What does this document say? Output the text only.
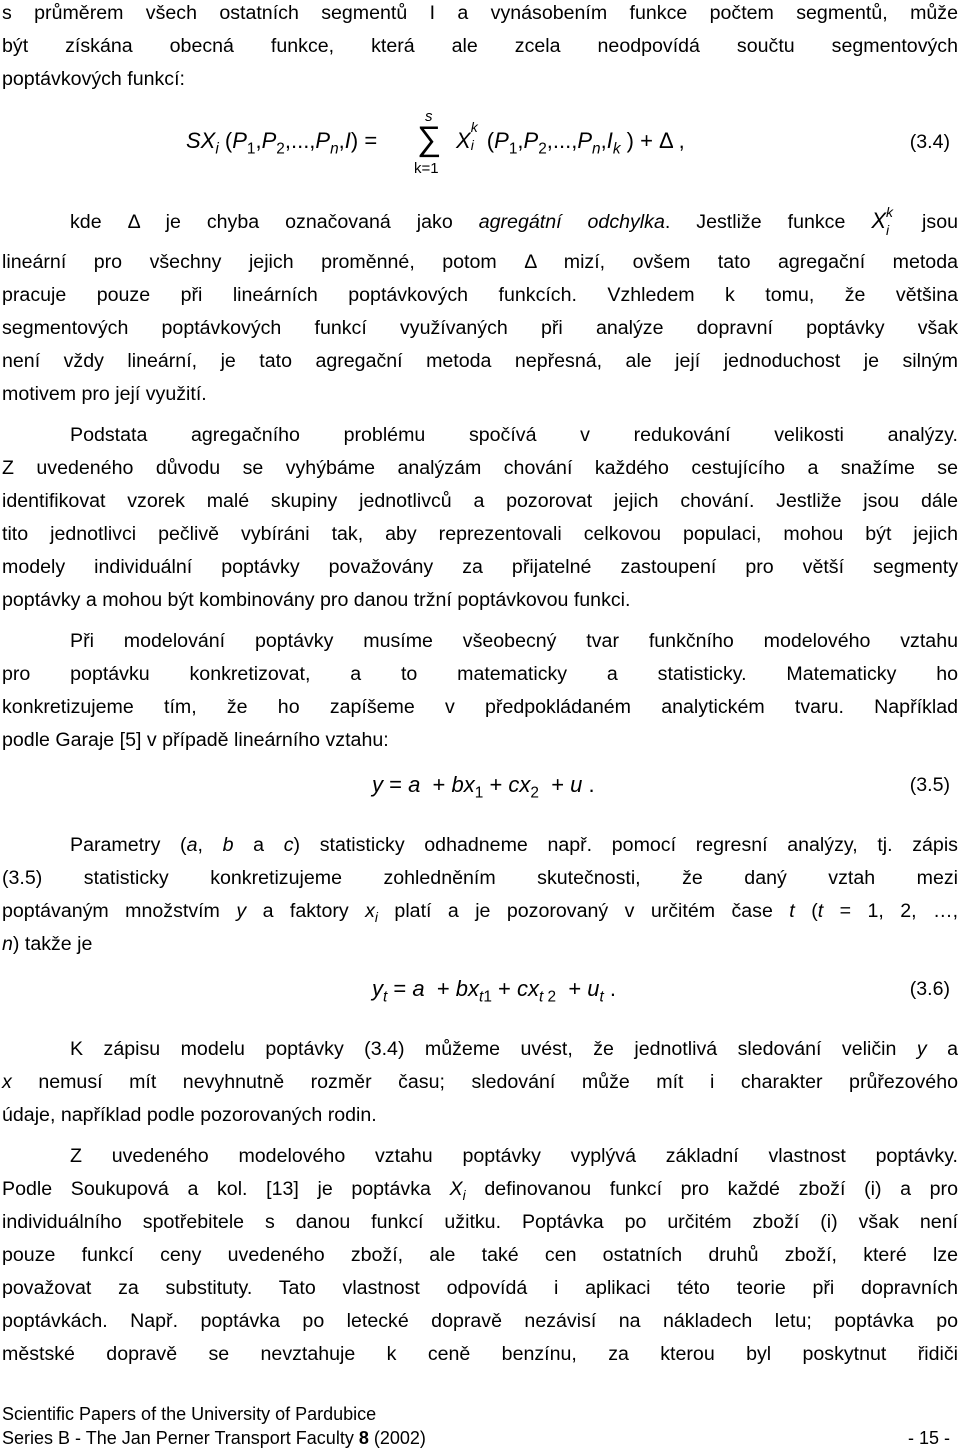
s průměrem všech ostatních segmentů I a vynásobením funkce počtem segmentů, může
být získána obecná funkce, která ale zcela neodpovídá součtu segmentových
poptávkových funkcí:
s
∑
k=1
$SX_i$ $(P_1,P_2,...,P_n,I)$ =	X
k
i ($P_1,P_2,...,P_n,I_k$ ) + Δ ,	(3.4)
kde Δ je chyba označovaná jako agregátní odchylka. Jestliže funkce X k
i jsou
lineární pro všechny jejich proměnné, potom Δ mizí, ovšem tato agregační metoda
pracuje pouze při lineárních poptávkových funkcích. Vzhledem k tomu, že většina
segmentových poptávkových funkcí využívaných při analýze dopravní poptávky však
není vždy lineární, je tato agregační metoda nepřesná, ale její jednoduchost je silným
motivem pro její využití.
Podstata agregačního problému spočívá v redukování velikosti analýzy.
Z uvedeného důvodu se vyhýbáme analýzám chování každého cestujícího a snažíme se
identifikovat vzorek malé skupiny jednotlivců a pozorovat jejich chování. Jestliže jsou dále
tito jednotlivci pečlivě vybíráni tak, aby reprezentovali celkovou populaci, mohou být jejich
modely individuální poptávky považovány za přijatelné zastoupení pro větší segmenty
poptávky a mohou být kombinovány pro danou tržní poptávkovou funkci.
Při modelování poptávky musíme všeobecný tvar funkčního modelového vztahu
pro poptávku konkretizovat, a to matematicky a statisticky. Matematicky ho
konkretizujeme tím, že ho zapíšeme v předpokládaném analytickém tvaru. Například
podle Garaje [5] v případě lineárního vztahu:
$y = a + bx_1 + cx_2 + u$ .	(3.5)
Parametry (a, b a c) statisticky odhadneme např. pomocí regresní analýzy, tj. zápis
(3.5) statisticky konkretizujeme zohledněním skutečnosti, že daný vztah mezi
poptávaným množstvím y a faktory $x_i$ platí a je pozorovaný v určitém čase t (t = 1, 2, …,
n) takže je
$y_t = a + bx_{t1} + cx_{t 2} + u_t$ .	(3.6)
K zápisu modelu poptávky (3.4) můžeme uvést, že jednotlivá sledování veličin y a
x nemusí mít nevyhnutně rozměr času; sledování může mít i charakter průřezového
údaje, například podle pozorovaných rodin.
Z uvedeného modelového vztahu poptávky vyplývá základní vlastnost poptávky.
Podle Soukupová a kol. [13] je poptávka $X_i$ definovanou funkcí pro každé zboží (i) a pro
individuálního spotřebitele s danou funkcí užitku. Poptávka po určitém zboží (i) však není
pouze funkcí ceny uvedeného zboží, ale také cen ostatních druhů zboží, které lze
považovat za substituty. Tato vlastnost odpovídá i aplikaci této teorie při dopravních
poptávkách. Např. poptávka po letecké dopravě nezávisí na nákladech letu; poptávka po
městské dopravě se nevztahuje k ceně benzínu, za kterou byl poskytnut řidiči
Scientific Papers of the University of Pardubice
Series B - The Jan Perner Transport Faculty 8 (2002)	- 15 -
